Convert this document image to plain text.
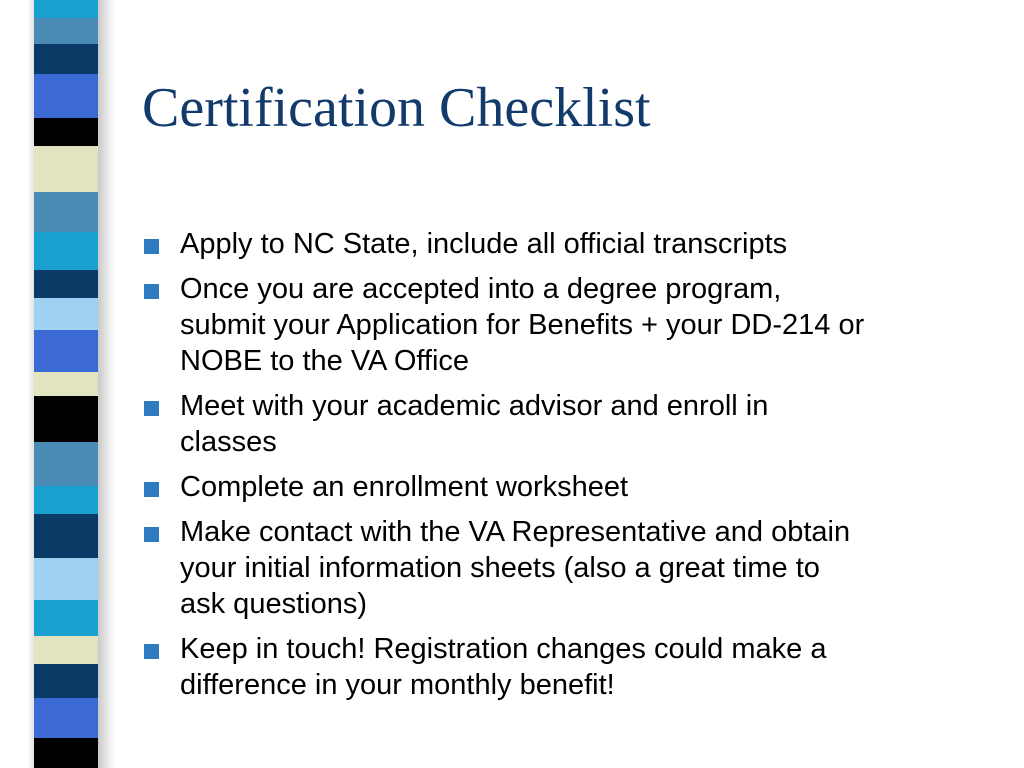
Certification Checklist
Apply to NC State, include all official transcripts
Once you are accepted into a degree program,
submit your Application for Benefits + your DD-214 or
NOBE to the VA Office
Meet with your academic advisor and enroll in
classes
Complete an enrollment worksheet
Make contact with the VA Representative and obtain
your initial information sheets (also a great time to
ask questions)
Keep in touch! Registration changes could make a
difference in your monthly benefit!
